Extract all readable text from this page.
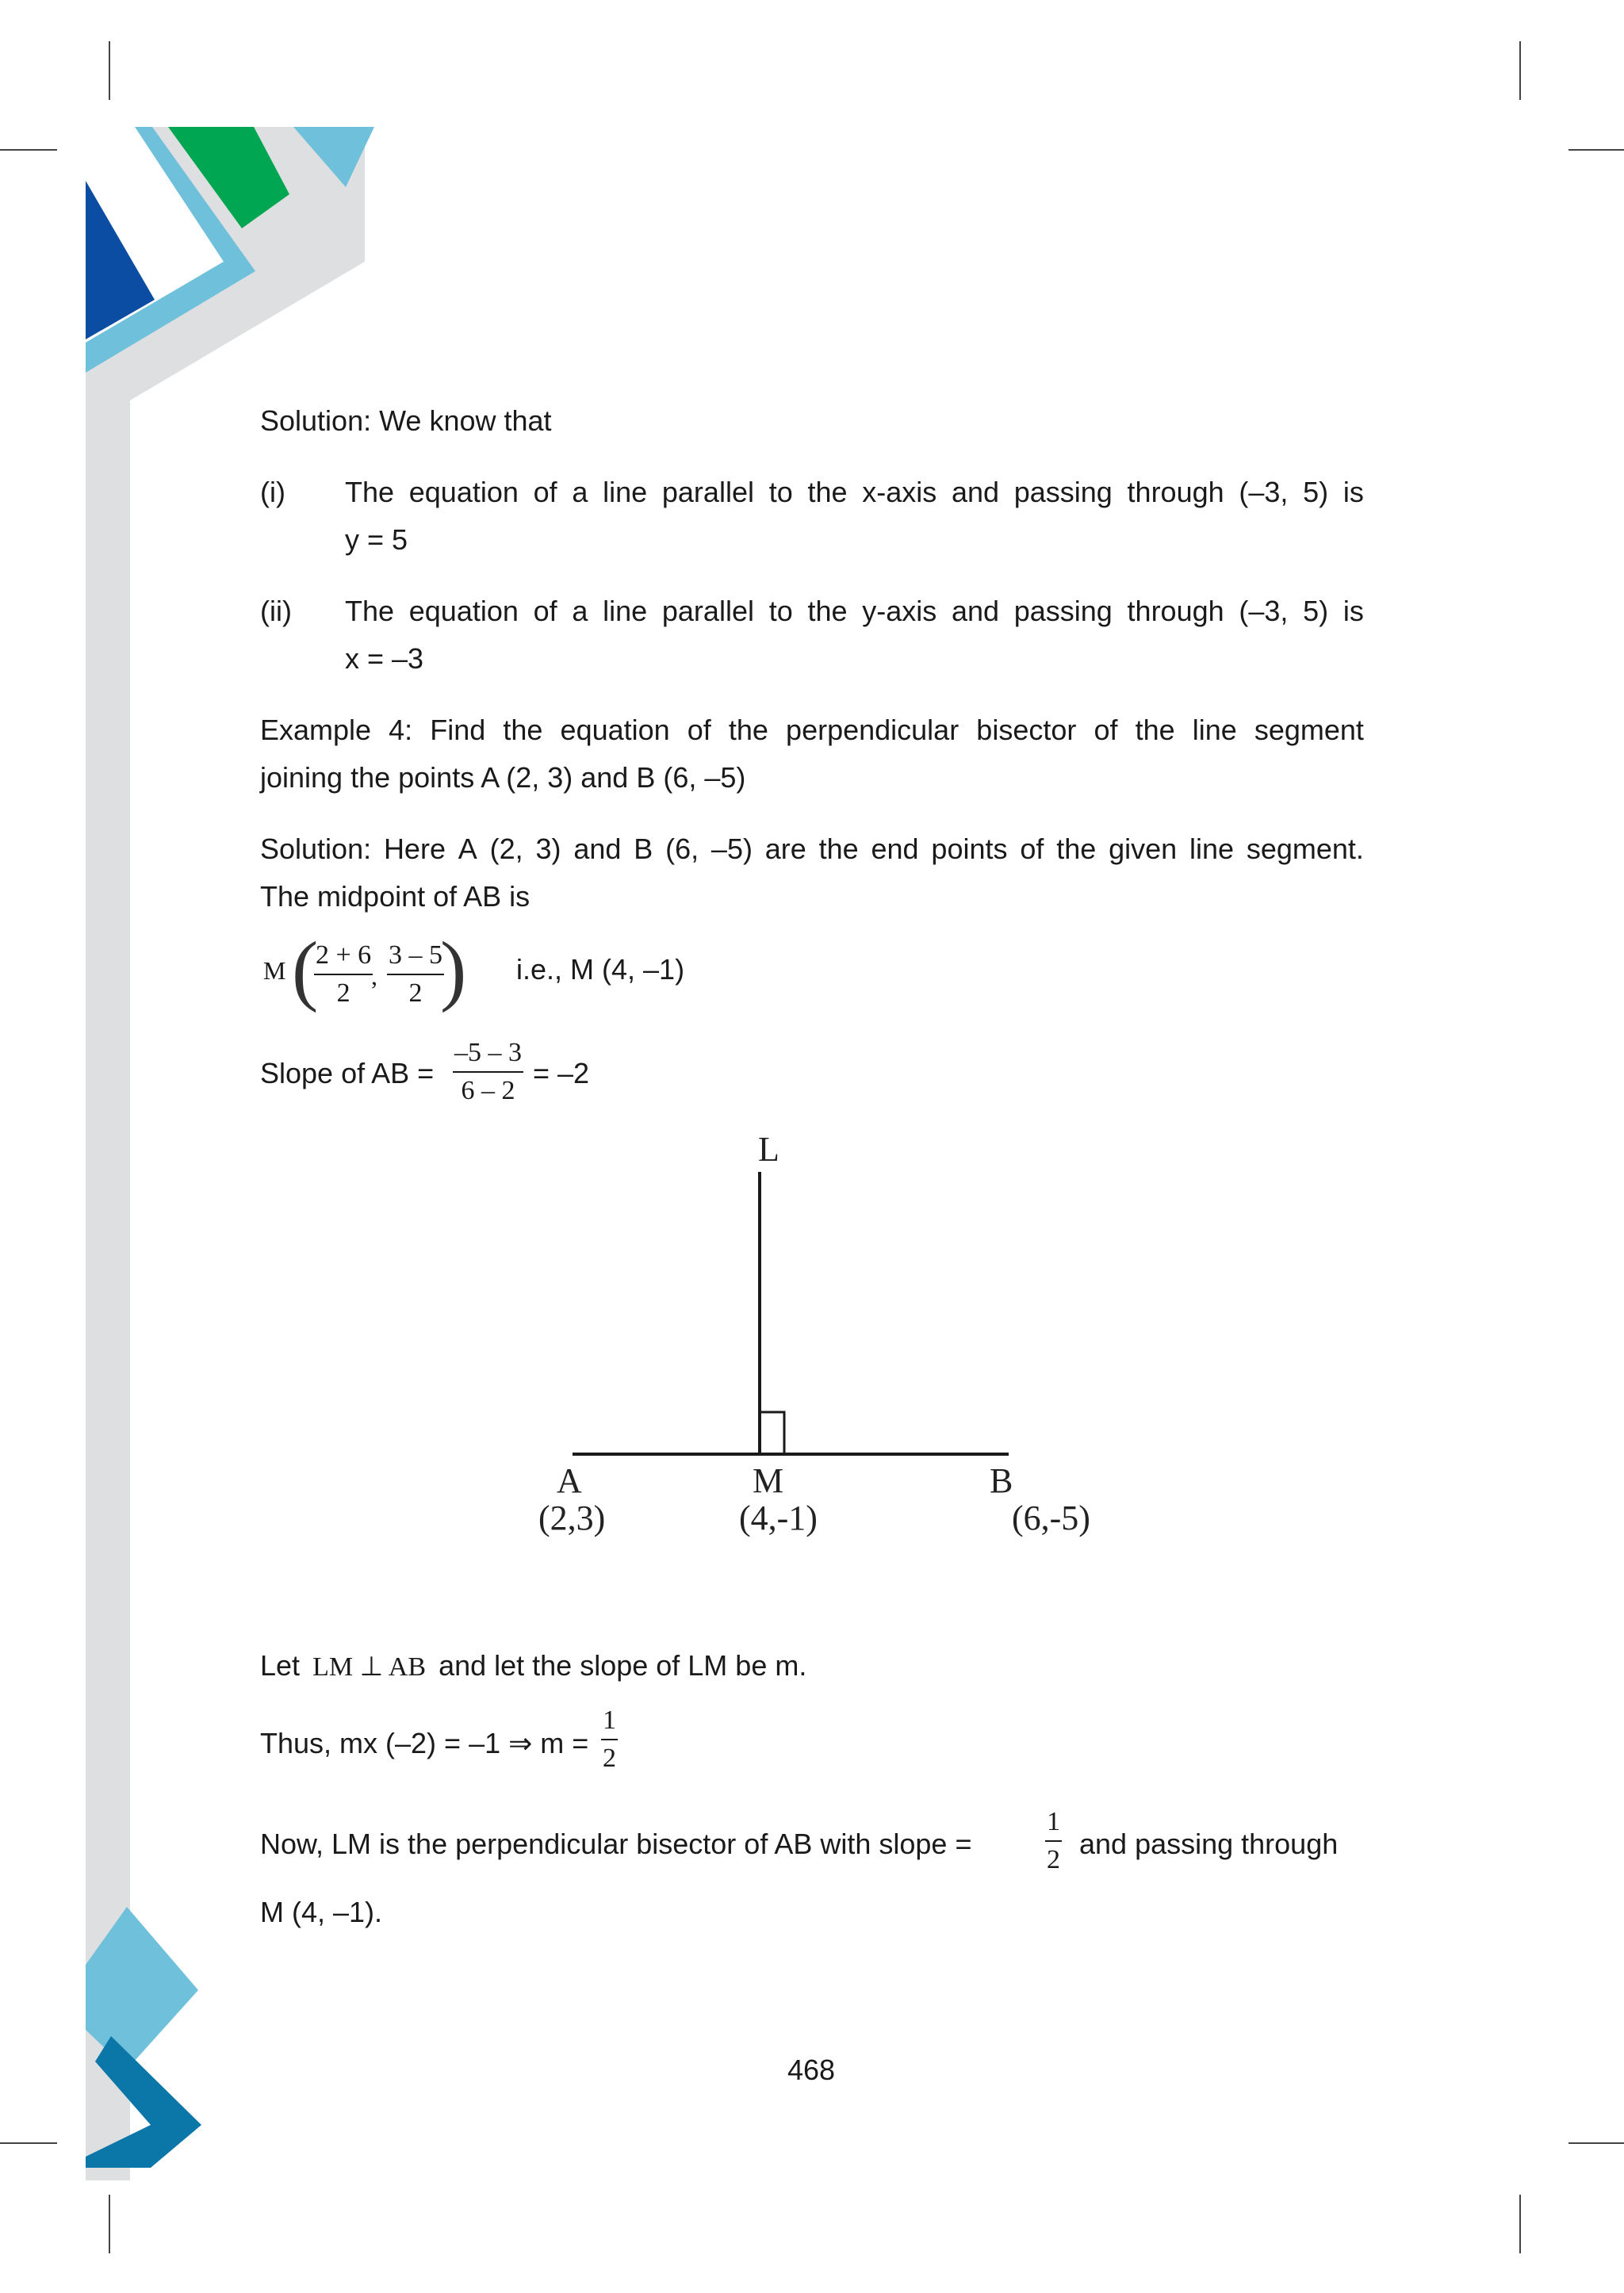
Solution: We know that
(i) The equation of a line parallel to the x-axis and passing through (–3, 5) is
y = 5
(ii) The equation of a line parallel to the y-axis and passing through (–3, 5) is
x = –3
Example 4: Find the equation of the perpendicular bisector of the line segment
joining the points A (2, 3) and B (6, –5)
Solution: Here A (2, 3) and B (6, –5) are the end points of the given line segment.
The midpoint of AB is
M (
$\frac{2 + 6}{2}$
, $\frac{3 - 5}{2}$
) i.e., M (4, –1)
Slope of AB = $\frac{-5 - 3}{6 - 2} = -2$
L
A	M	B
(2,3)	(4,-1)	(6,-5)
Let LM ⊥ AB and let the slope of LM be m.
Thus, mx (–2) = –1 ⇒ $m = \frac{1}{2}$
Now, LM is the perpendicular bisector of AB with slope =	$\frac{1}{2}$ and passing through
M (4, –1).
468
